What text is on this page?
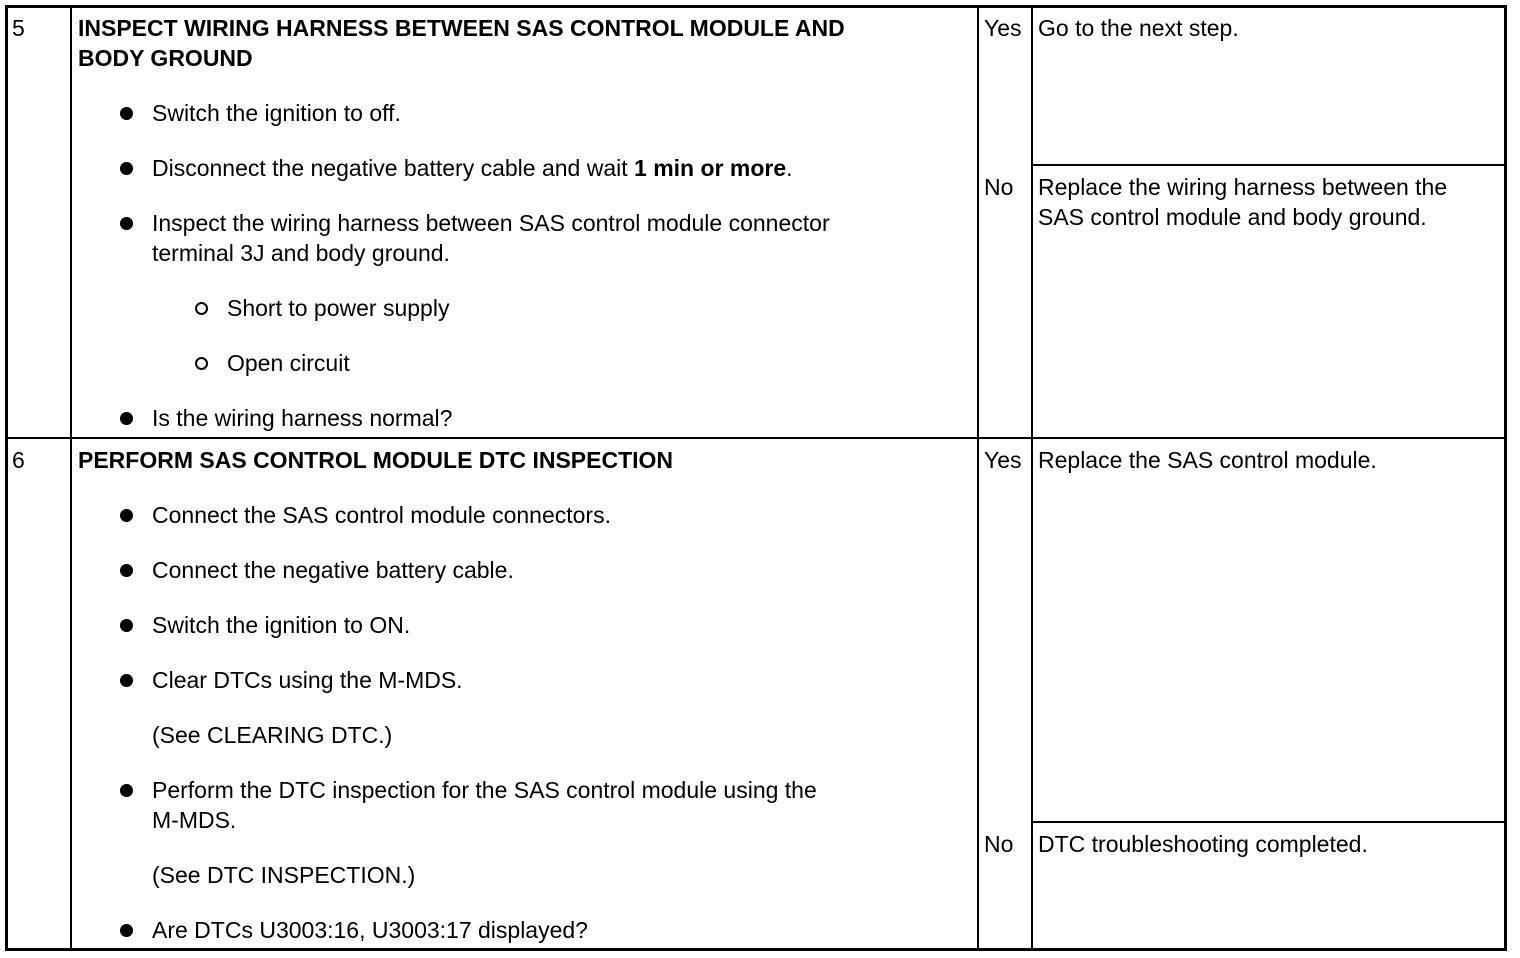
5 INSPECT WIRING HARNESS BETWEEN SAS CONTROL MODULE AND
BODY GROUND
Switch the ignition to off.
Disconnect the negative battery cable and wait 1 min or more.
Inspect the wiring harness between SAS control module connector
terminal 3J and body ground.
Short to power supply
Open circuit
Is the wiring harness normal?
Yes Go to the next step.
No Replace the wiring harness between the
SAS control module and body ground.
6 PERFORM SAS CONTROL MODULE DTC INSPECTION
Connect the SAS control module connectors.
Connect the negative battery cable.
Switch the ignition to ON.
Clear DTCs using the M-MDS.
(See CLEARING DTC.)
Perform the DTC inspection for the SAS control module using the
M-MDS.
(See DTC INSPECTION.)
Are DTCs U3003:16, U3003:17 displayed?
Yes Replace the SAS control module.
No DTC troubleshooting completed.
